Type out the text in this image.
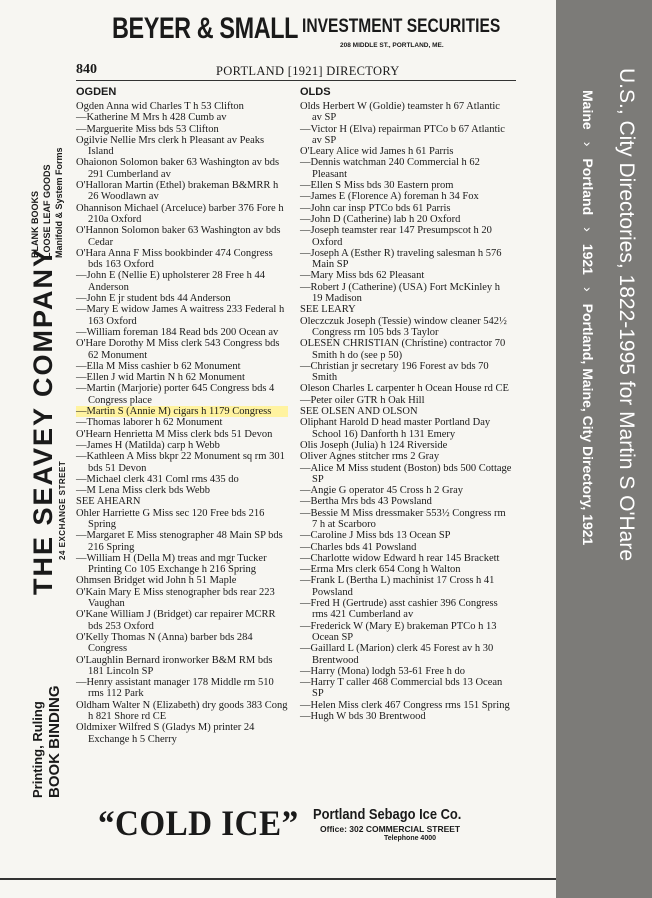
BEYER & SMALL INVESTMENT SECURITIES
208 MIDDLE ST., PORTLAND, ME.
BLANK BOOKS LOOSE LEAF GOODS Manifold & System Forms
THE SEAVEY COMPANY 24 EXCHANGE STREET
Printing, Ruling BOOK BINDING
840	PORTLAND [1921] DIRECTORY
OGDEN	OLDS
Ogden Anna wid Charles T h 53 Clifton
—Katherine M Mrs h 428 Cumb av
—Marguerite Miss bds 53 Clifton
Ogilvie Nellie Mrs clerk h Pleasant av Peaks Island
Ohaionon Solomon baker 63 Washington av bds 291 Cumberland av
O'Halloran Martin (Ethel) brakeman B&MRR h 26 Woodlawn av
Ohannison Michael (Arceluce) barber 376 Fore h 210a Oxford
O'Hannon Solomon baker 63 Washington av bds Cedar
O'Hara Anna F Miss bookbinder 474 Congress bds 163 Oxford
—John E (Nellie E) upholsterer 28 Free h 44 Anderson
—John E jr student bds 44 Anderson
—Mary E widow James A waitress 233 Federal h 163 Oxford
—William foreman 184 Read bds 200 Ocean av
O'Hare Dorothy M Miss clerk 543 Congress bds 62 Monument
—Ella M Miss cashier b 62 Monument
—Ellen J wid Martin N h 62 Monument
—Martin (Marjorie) porter 645 Congress bds 4 Congress place
—Martin S (Annie M) cigars h 1179 Congress
—Thomas laborer h 62 Monument
O'Hearn Henrietta M Miss clerk bds 51 Devon
—James H (Matilda) carp h Webb
—Kathleen A Miss bkpr 22 Monument sq rm 301 bds 51 Devon
—Michael clerk 431 Coml rms 435 do
—M Lena Miss clerk bds Webb
SEE AHEARN
Ohler Harriette G Miss sec 120 Free bds 216 Spring
—Margaret E Miss stenographer 48 Main SP bds 216 Spring
—William H (Della M) treas and mgr Tucker Printing Co 105 Exchange h 216 Spring
Ohmsen Bridget wid John h 51 Maple
O'Kain Mary E Miss stenographer bds rear 223 Vaughan
O'Kane William J (Bridget) car repairer MCRR bds 253 Oxford
O'Kelly Thomas N (Anna) barber bds 284 Congress
O'Laughlin Bernard ironworker B&M RM bds 181 Lincoln SP
—Henry assistant manager 178 Middle rm 510 rms 112 Park
Oldham Walter N (Elizabeth) dry goods 383 Cong h 821 Shore rd CE
Oldmixer Wilfred S (Gladys M) printer 24 Exchange h 5 Cherry
Olds Herbert W (Goldie) teamster h 67 Atlantic av SP
—Victor H (Elva) repairman PTCo b 67 Atlantic av SP
O'Leary Alice wid James h 61 Parris
—Dennis watchman 240 Commercial h 62 Pleasant
—Ellen S Miss bds 30 Eastern prom
—James E (Florence A) foreman h 34 Fox
—John car insp PTCo bds 61 Parris
—John D (Catherine) lab h 20 Oxford
—Joseph teamster rear 147 Presumpscot h 20 Oxford
—Joseph A (Esther R) traveling salesman h 576 Main SP
—Mary Miss bds 62 Pleasant
—Robert J (Catherine) (USA) Fort McKinley h 19 Madison
SEE LEARY
Oleczczuk Joseph (Tessie) window cleaner 542½ Congress rm 105 bds 3 Taylor
OLESEN CHRISTIAN (Christine) contractor 70 Smith h do (see p 50)
—Christian jr secretary 196 Forest av bds 70 Smith
Oleson Charles L carpenter h Ocean House rd CE
—Peter oiler GTR h Oak Hill
SEE OLSEN AND OLSON
Oliphant Harold D head master Portland Day School 16) Danforth h 131 Emery
Olis Joseph (Julia) h 124 Riverside
Oliver Agnes stitcher rms 2 Gray
—Alice M Miss student (Boston) bds 500 Cottage SP
—Angie G operator 45 Cross h 2 Gray
—Bertha Mrs bds 43 Powsland
—Bessie M Miss dressmaker 553½ Congress rm 7 h at Scarboro
—Caroline J Miss bds 13 Ocean SP
—Charles bds 41 Powsland
—Charlotte widow Edward h rear 145 Brackett
—Erma Mrs clerk 654 Cong h Walton
—Frank L (Bertha L) machinist 17 Cross h 41 Powsland
—Fred H (Gertrude) asst cashier 396 Congress rms 421 Cumberland av
—Frederick W (Mary E) brakeman PTCo h 13 Ocean SP
—Gaillard L (Marion) clerk 45 Forest av h 30 Brentwood
—Harry (Mona) lodgh 53-61 Free h do
—Harry T caller 468 Commercial bds 13 Ocean SP
—Helen Miss clerk 467 Congress rms 151 Spring
—Hugh W bds 30 Brentwood
“COLD ICE” Portland Sebago Ice Co.
Office: 302 COMMERCIAL STREET
Telephone 4000
U.S., City Directories, 1822-1995 for Martin S O'Hare
Maine›Portland›1921›Portland, Maine, City Directory, 1921
